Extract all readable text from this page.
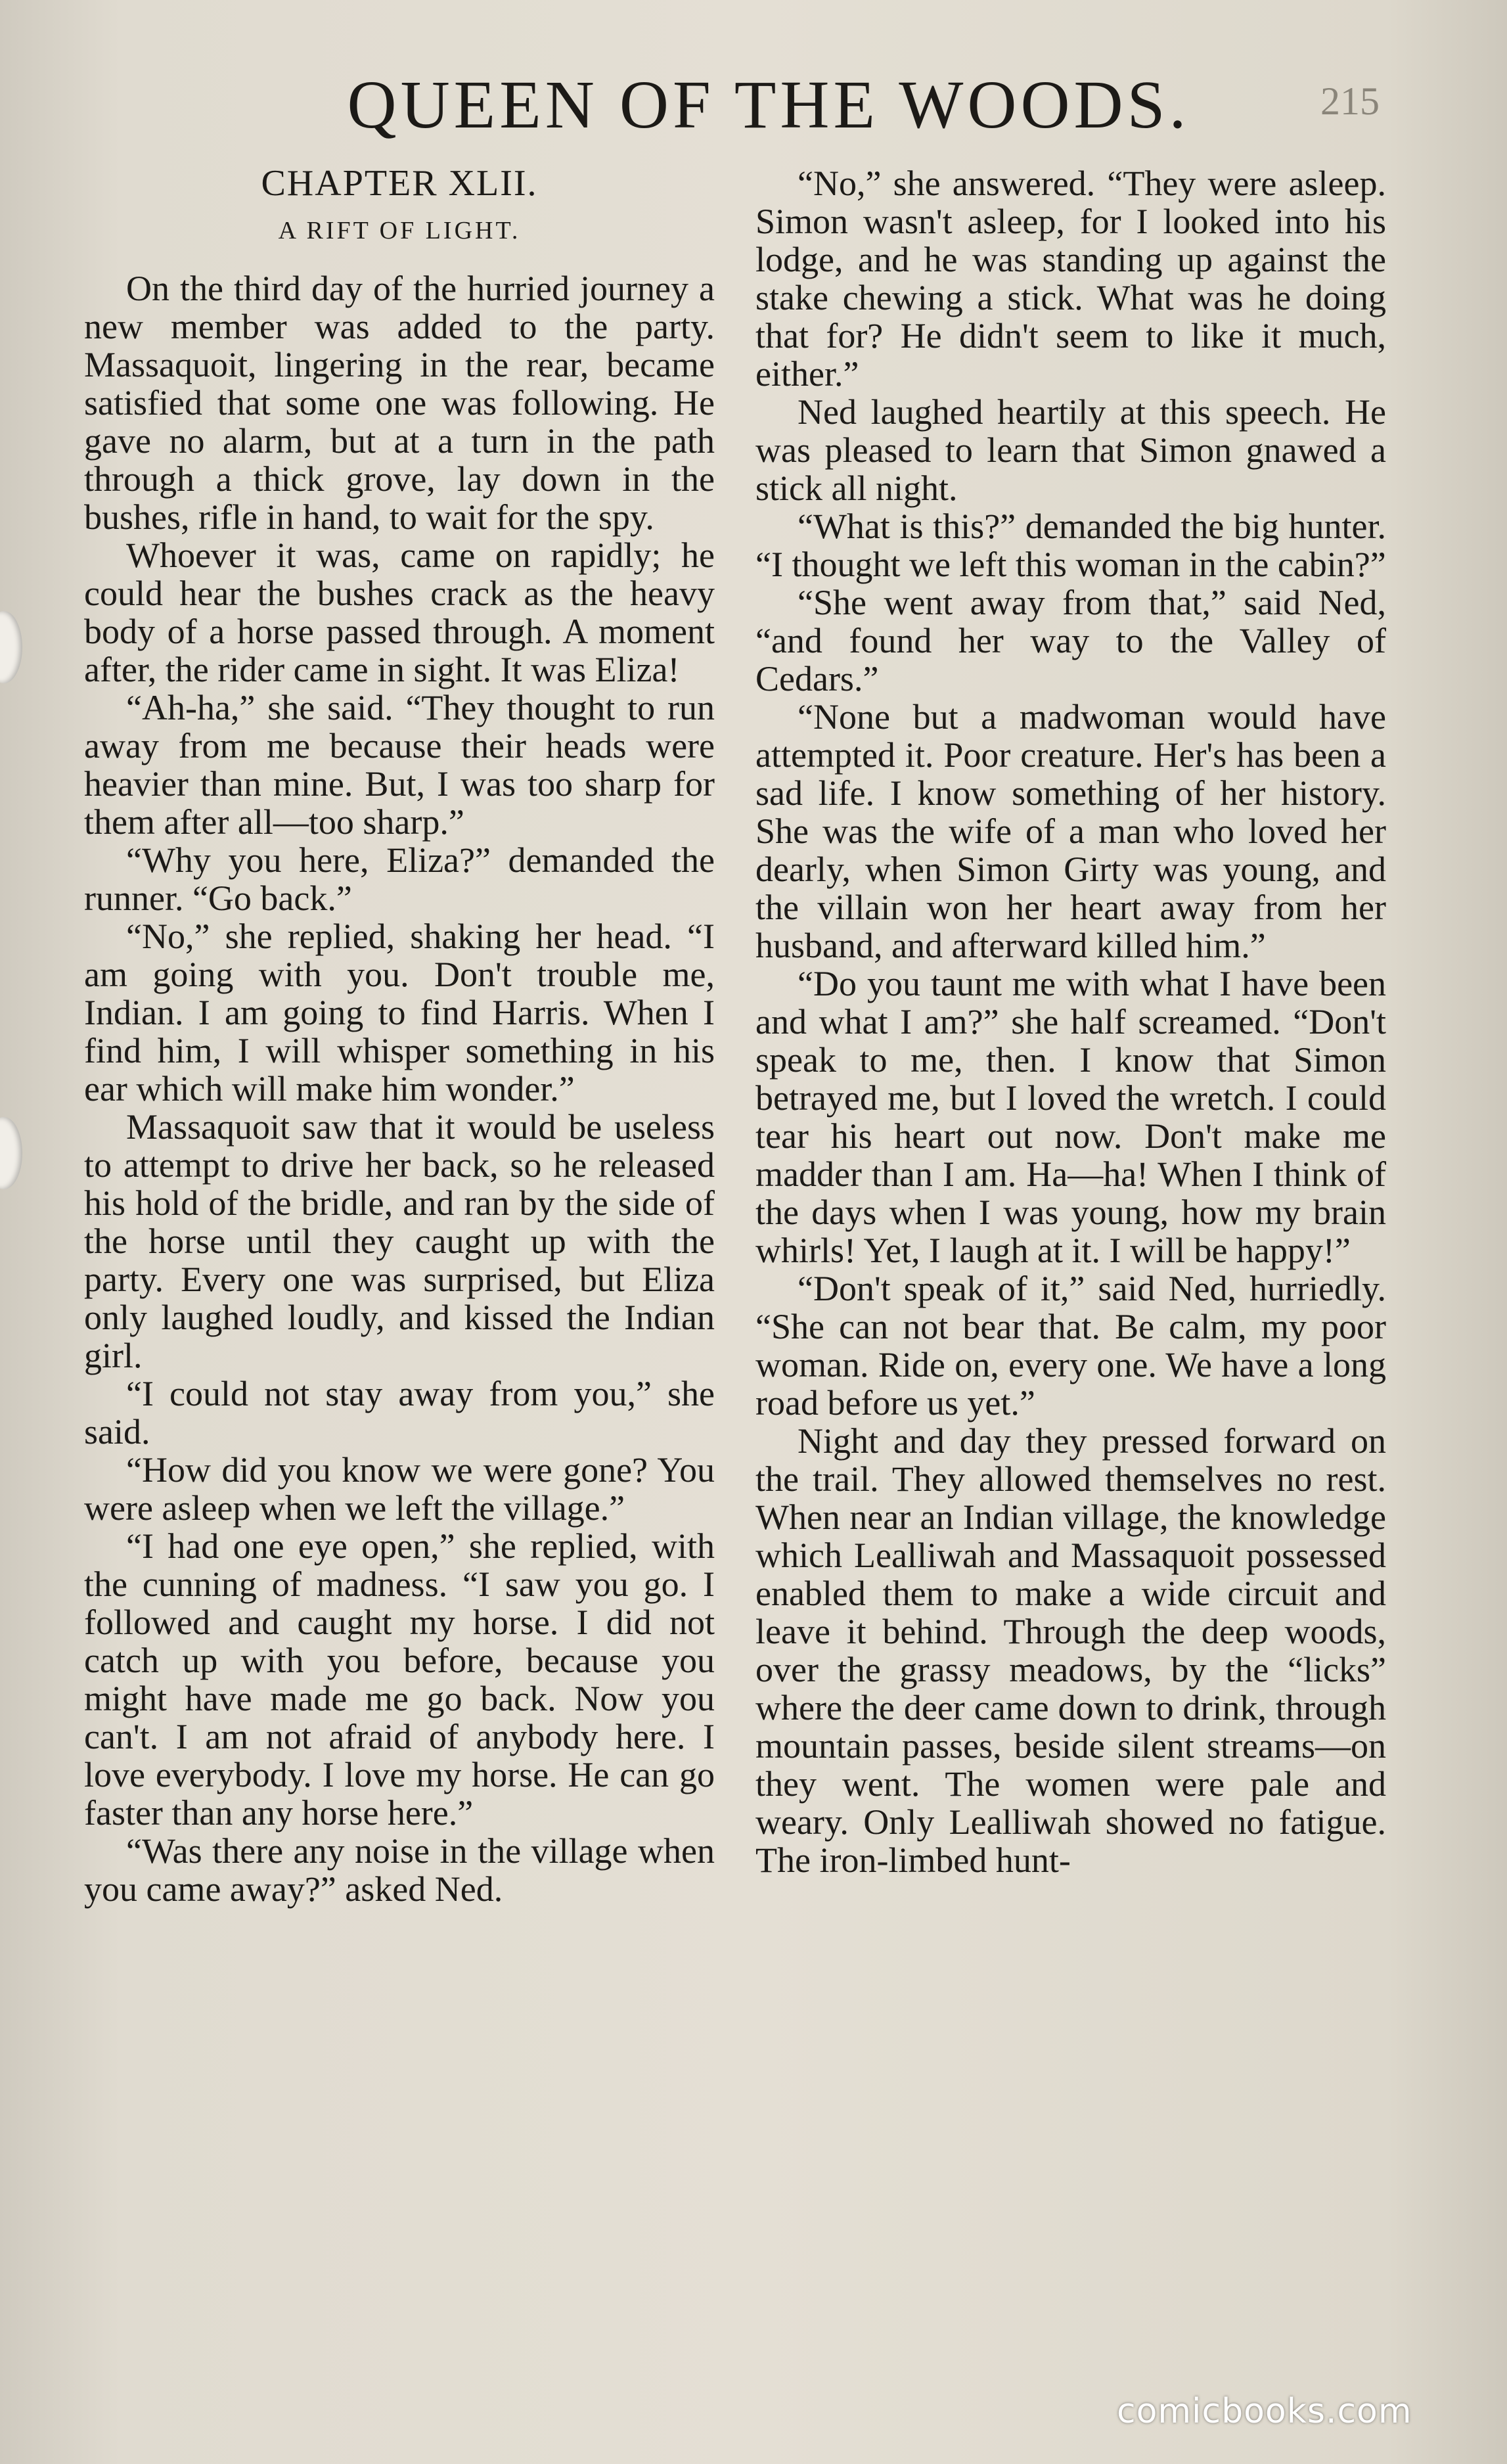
QUEEN OF THE WOODS.	215
CHAPTER XLII.
A RIFT OF LIGHT.

On the third day of the hurried journey a new member was added to the party. Massaquoit, lingering in the rear, became satisfied that some one was following. He gave no alarm, but at a turn in the path through a thick grove, lay down in the bushes, rifle in hand, to wait for the spy.

Whoever it was, came on rapidly; he could hear the bushes crack as the heavy body of a horse passed through. A moment after, the rider came in sight. It was Eliza!

“Ah-ha,” she said. “They thought to run away from me because their heads were heavier than mine. But, I was too sharp for them after all—too sharp.”

“Why you here, Eliza?” demanded the runner. “Go back.”

“No,” she replied, shaking her head. “I am going with you. Don't trouble me, Indian. I am going to find Harris. When I find him, I will whisper something in his ear which will make him wonder.”

Massaquoit saw that it would be useless to attempt to drive her back, so he released his hold of the bridle, and ran by the side of the horse until they caught up with the party. Every one was surprised, but Eliza only laughed loudly, and kissed the Indian girl.

“I could not stay away from you,” she said.

“How did you know we were gone? You were asleep when we left the village.”

“I had one eye open,” she replied, with the cunning of madness. “I saw you go. I followed and caught my horse. I did not catch up with you before, because you might have made me go back. Now you can't. I am not afraid of anybody here. I love everybody. I love my horse. He can go faster than any horse here.”

“Was there any noise in the village when you came away?” asked Ned.

“No,” she answered. “They were asleep. Simon wasn't asleep, for I looked into his lodge, and he was standing up against the stake chewing a stick. What was he doing that for? He didn't seem to like it much, either.”

Ned laughed heartily at this speech. He was pleased to learn that Simon gnawed a stick all night.

“What is this?” demanded the big hunter. “I thought we left this woman in the cabin?”

“She went away from that,” said Ned, “and found her way to the Valley of Cedars.”

“None but a madwoman would have attempted it. Poor creature. Her's has been a sad life. I know something of her history. She was the wife of a man who loved her dearly, when Simon Girty was young, and the villain won her heart away from her husband, and afterward killed him.”

“Do you taunt me with what I have been and what I am?” she half screamed. “Don't speak to me, then. I know that Simon betrayed me, but I loved the wretch. I could tear his heart out now. Don't make me madder than I am. Ha—ha! When I think of the days when I was young, how my brain whirls! Yet, I laugh at it. I will be happy!”

“Don't speak of it,” said Ned, hurriedly. “She can not bear that. Be calm, my poor woman. Ride on, every one. We have a long road before us yet.”

Night and day they pressed forward on the trail. They allowed themselves no rest. When near an Indian village, the knowledge which Lealliwah and Massaquoit possessed enabled them to make a wide circuit and leave it behind. Through the deep woods, over the grassy meadows, by the “licks” where the deer came down to drink, through mountain passes, beside silent streams—on they went. The women were pale and weary. Only Lealliwah showed no fatigue. The iron-limbed hunt-

comicbooks.com
